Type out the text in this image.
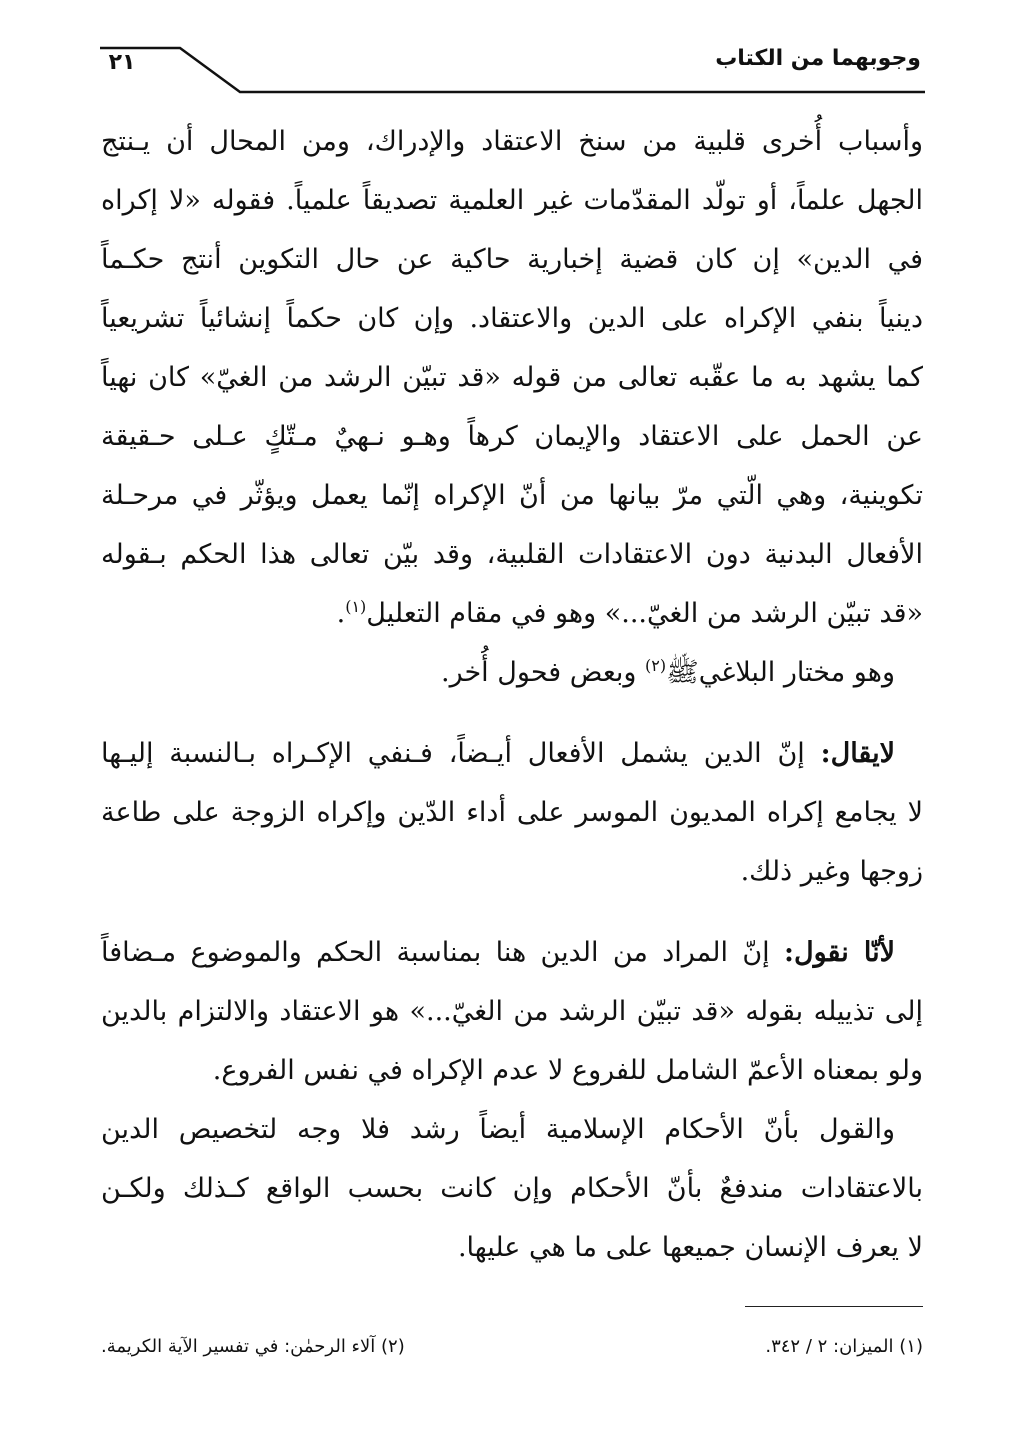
وجوبهما من الكتاب
٢١
وأسباب أُخرى قلبية من سنخ الاعتقاد والإدراك، ومن المحال أن يـنتج
الجهل علماً، أو تولّد المقدّمات غير العلمية تصديقاً علمياً. فقوله «لا إكراه
في الدين» إن كان قضية إخبارية حاكية عن حال التكوين أنتج حكـماً
دينياً بنفي الإكراه على الدين والاعتقاد. وإن كان حكماً إنشائياً تشريعياً
كما يشهد به ما عقّبه تعالى من قوله «قد تبيّن الرشد من الغيّ» كان نهياً
عن الحمل على الاعتقاد والإيمان كرهاً وهـو نـهيٌ مـتّكٍ عـلى حـقيقة
تكوينية، وهي الّتي مرّ بيانها من أنّ الإكراه إنّما يعمل ويؤثّر في مرحـلة
الأفعال البدنية دون الاعتقادات القلبية، وقد بيّن تعالى هذا الحكم بـقوله
«قد تبيّن الرشد من الغيّ...» وهو في مقام التعليل$^{(١)}$.
وهو مختار البلاغيﷺ$^{(٢)}$ وبعض فحول أُخر.
لايقال: إنّ الدين يشمل الأفعال أيـضاً، فـنفي الإكـراه بـالنسبة إليـها
لا يجامع إكراه المديون الموسر على أداء الدّين وإكراه الزوجة على طاعة
زوجها وغير ذلك.
لأنّا نقول: إنّ المراد من الدين هنا بمناسبة الحكم والموضوع مـضافاً
إلى تذييله بقوله «قد تبيّن الرشد من الغيّ...» هو الاعتقاد والالتزام بالدين
ولو بمعناه الأعمّ الشامل للفروع لا عدم الإكراه في نفس الفروع.
والقول بأنّ الأحكام الإسلامية أيضاً رشد فلا وجه لتخصيص الدين
بالاعتقادات مندفعٌ بأنّ الأحكام وإن كانت بحسب الواقع كـذلك ولكـن
لا يعرف الإنسان جميعها على ما هي عليها.
(١) الميزان: ٢ / ٣٤٢.
(٢) آلاء الرحمٰن: في تفسير الآية الكريمة.
